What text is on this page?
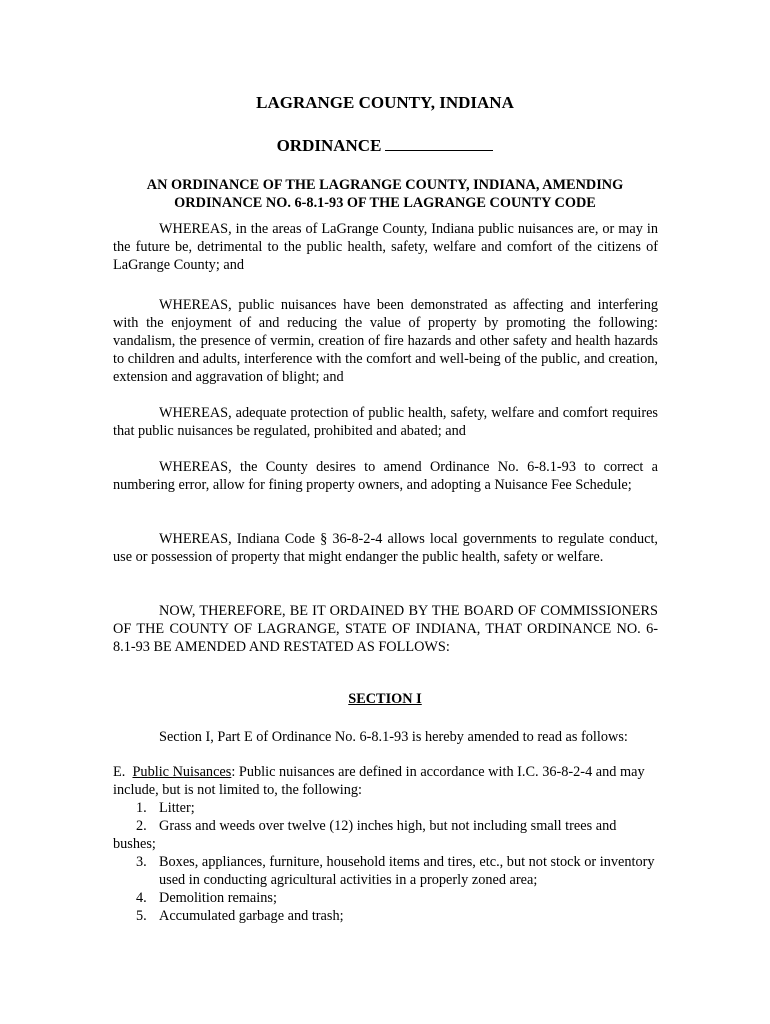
LAGRANGE COUNTY, INDIANA
ORDINANCE
AN ORDINANCE OF THE LAGRANGE COUNTY, INDIANA, AMENDING ORDINANCE NO. 6-8.1-93 OF THE LAGRANGE COUNTY CODE

WHEREAS, in the areas of LaGrange County, Indiana public nuisances are, or may in the future be, detrimental to the public health, safety, welfare and comfort of the citizens of LaGrange County; and

WHEREAS, public nuisances have been demonstrated as affecting and interfering with the enjoyment of and reducing the value of property by promoting the following: vandalism, the presence of vermin, creation of fire hazards and other safety and health hazards to children and adults, interference with the comfort and well-being of the public, and creation, extension and aggravation of blight; and

WHEREAS, adequate protection of public health, safety, welfare and comfort requires that public nuisances be regulated, prohibited and abated; and

WHEREAS, the County desires to amend Ordinance No. 6-8.1-93 to correct a numbering error, allow for fining property owners, and adopting a Nuisance Fee Schedule;

WHEREAS, Indiana Code § 36-8-2-4 allows local governments to regulate conduct, use or possession of property that might endanger the public health, safety or welfare.

NOW, THEREFORE, BE IT ORDAINED BY THE BOARD OF COMMISSIONERS OF THE COUNTY OF LAGRANGE, STATE OF INDIANA, THAT ORDINANCE NO. 6-8.1-93 BE AMENDED AND RESTATED AS FOLLOWS:

SECTION I

Section I, Part E of Ordinance No. 6-8.1-93 is hereby amended to read as follows:

E. Public Nuisances: Public nuisances are defined in accordance with I.C. 36-8-2-4 and may include, but is not limited to, the following:
1. Litter;
2. Grass and weeds over twelve (12) inches high, but not including small trees and bushes;
3. Boxes, appliances, furniture, household items and tires, etc., but not stock or inventory used in conducting agricultural activities in a properly zoned area;
4. Demolition remains;
5. Accumulated garbage and trash;
